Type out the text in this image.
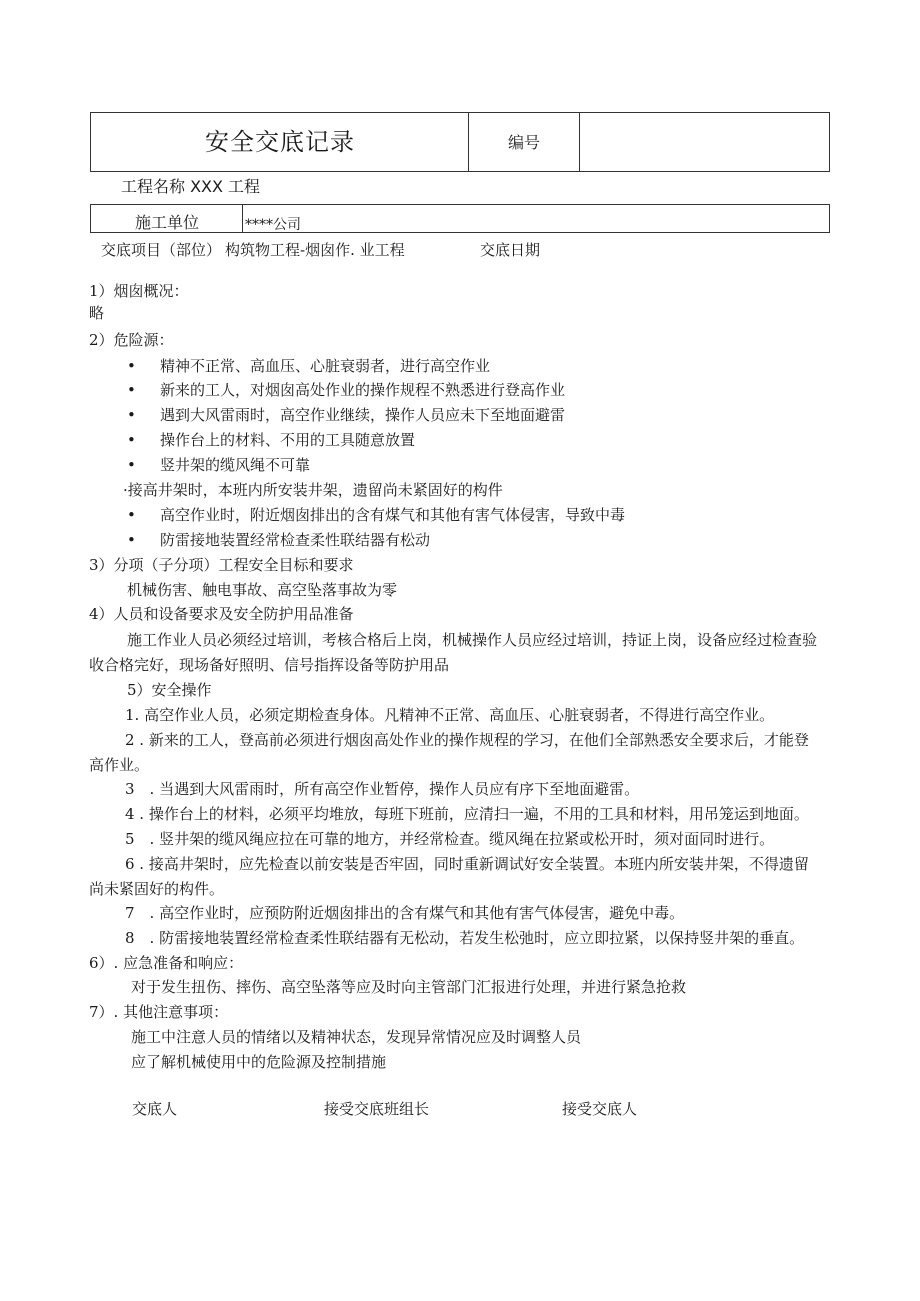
安全交底记录	编号
工程名称 XXX 工程
施工单位	****公司
交底项目（部位） 构筑物工程-烟囱作. 业工程	交底日期
1）烟囱概况：
略
2）危险源：
• 精神不正常、高血压、心脏衰弱者，进行高空作业
• 新来的工人，对烟囱高处作业的操作规程不熟悉进行登高作业
• 遇到大风雷雨时，高空作业继续，操作人员应未下至地面避雷
• 操作台上的材料、不用的工具随意放置
• 竖井架的缆风绳不可靠
·接高井架时，本班内所安装井架，遗留尚未紧固好的构件
• 高空作业时，附近烟囱排出的含有煤气和其他有害气体侵害，导致中毒
• 防雷接地装置经常检查柔性联结器有松动
3）分项（子分项）工程安全目标和要求
机械伤害、触电事故、高空坠落事故为零
4）人员和设备要求及安全防护用品准备
施工作业人员必须经过培训，考核合格后上岗，机械操作人员应经过培训，持证上岗，设备应经过检查验
收合格完好，现场备好照明、信号指挥设备等防护用品
5）安全操作
1. 高空作业人员，必须定期检查身体。凡精神不正常、高血压、心脏衰弱者，不得进行高空作业。
2 . 新来的工人，登高前必须进行烟囱高处作业的操作规程的学习，在他们全部熟悉安全要求后，才能登
高作业。
3　. 当遇到大风雷雨时，所有高空作业暂停，操作人员应有序下至地面避雷。
4 . 操作台上的材料，必须平均堆放，每班下班前，应清扫一遍，不用的工具和材料，用吊笼运到地面。
5　. 竖井架的缆风绳应拉在可靠的地方，并经常检查。缆风绳在拉紧或松开时，须对面同时进行。
6 . 接高井架时，应先检查以前安装是否牢固，同时重新调试好安全装置。本班内所安装井架，不得遗留
尚未紧固好的构件。
7　. 高空作业时，应预防附近烟囱排出的含有煤气和其他有害气体侵害，避免中毒。
8　. 防雷接地装置经常检查柔性联结器有无松动，若发生松弛时，应立即拉紧，以保持竖井架的垂直。
6）. 应急准备和响应：
对于发生扭伤、摔伤、高空坠落等应及时向主管部门汇报进行处理，并进行紧急抢救
7）. 其他注意事项：
施工中注意人员的情绪以及精神状态，发现异常情况应及时调整人员
应了解机械使用中的危险源及控制措施
交底人	接受交底班组长	接受交底人
